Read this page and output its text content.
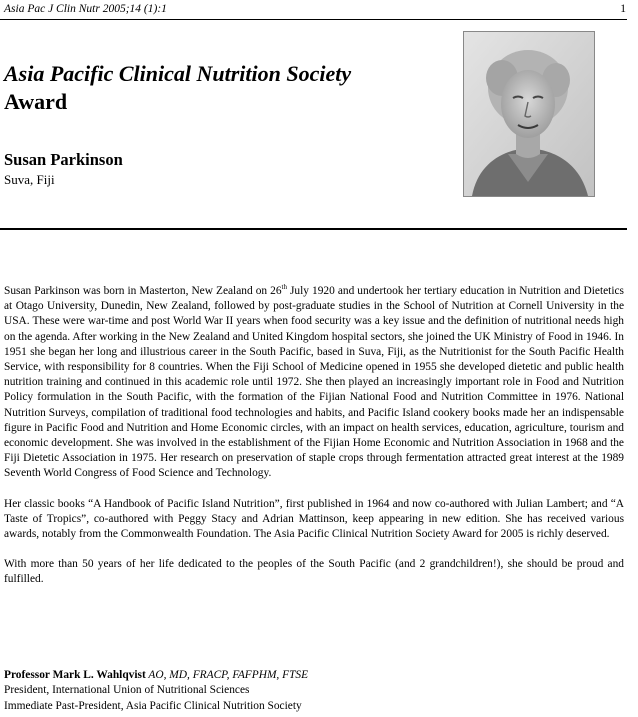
Asia Pac J Clin Nutr 2005;14 (1):1	1
Asia Pacific Clinical Nutrition Society
Award
Susan Parkinson
Suva, Fiji

Susan Parkinson was born in Masterton, New Zealand on 26th July 1920 and undertook her tertiary education in Nutrition and Dietetics at Otago University, Dunedin, New Zealand, followed by post-graduate studies in the School of Nutrition at Cornell University in the USA. These were war-time and post World War II years when food security was a key issue and the definition of nutritional needs high on the agenda. After working in the New Zealand and United Kingdom hospital sectors, she joined the UK Ministry of Food in 1946. In 1951 she began her long and illustrious career in the South Pacific, based in Suva, Fiji, as the Nutritionist for the South Pacific Health Service, with responsibility for 8 countries. When the Fiji School of Medicine opened in 1955 she developed dietetic and public health nutrition training and continued in this academic role until 1972. She then played an increasingly important role in Food and Nutrition Policy formulation in the South Pacific, with the formation of the Fijian National Food and Nutrition Committee in 1976. National Nutrition Surveys, compilation of traditional food technologies and habits, and Pacific Island cookery books made her an indispensable figure in Pacific Food and Nutrition and Home Economic circles, with an impact on health services, education, agriculture, tourism and economic development. She was involved in the establishment of the Fijian Home Economic and Nutrition Association in 1968 and the Fiji Dietetic Association in 1975. Her research on preservation of staple crops through fermentation attracted great interest at the 1989 Seventh World Congress of Food Science and Technology.

Her classic books “A Handbook of Pacific Island Nutrition”, first published in 1964 and now co-authored with Julian Lambert; and “A Taste of Tropics”, co-authored with Peggy Stacy and Adrian Mattinson, keep appearing in new edition. She has received various awards, notably from the Commonwealth Foundation. The Asia Pacific Clinical Nutrition Society Award for 2005 is richly deserved.

With more than 50 years of her life dedicated to the peoples of the South Pacific (and 2 grandchildren!), she should be proud and fulfilled.

Professor Mark L. Wahlqvist AO, MD, FRACP, FAFPHM, FTSE
President, International Union of Nutritional Sciences
Immediate Past-President, Asia Pacific Clinical Nutrition Society
